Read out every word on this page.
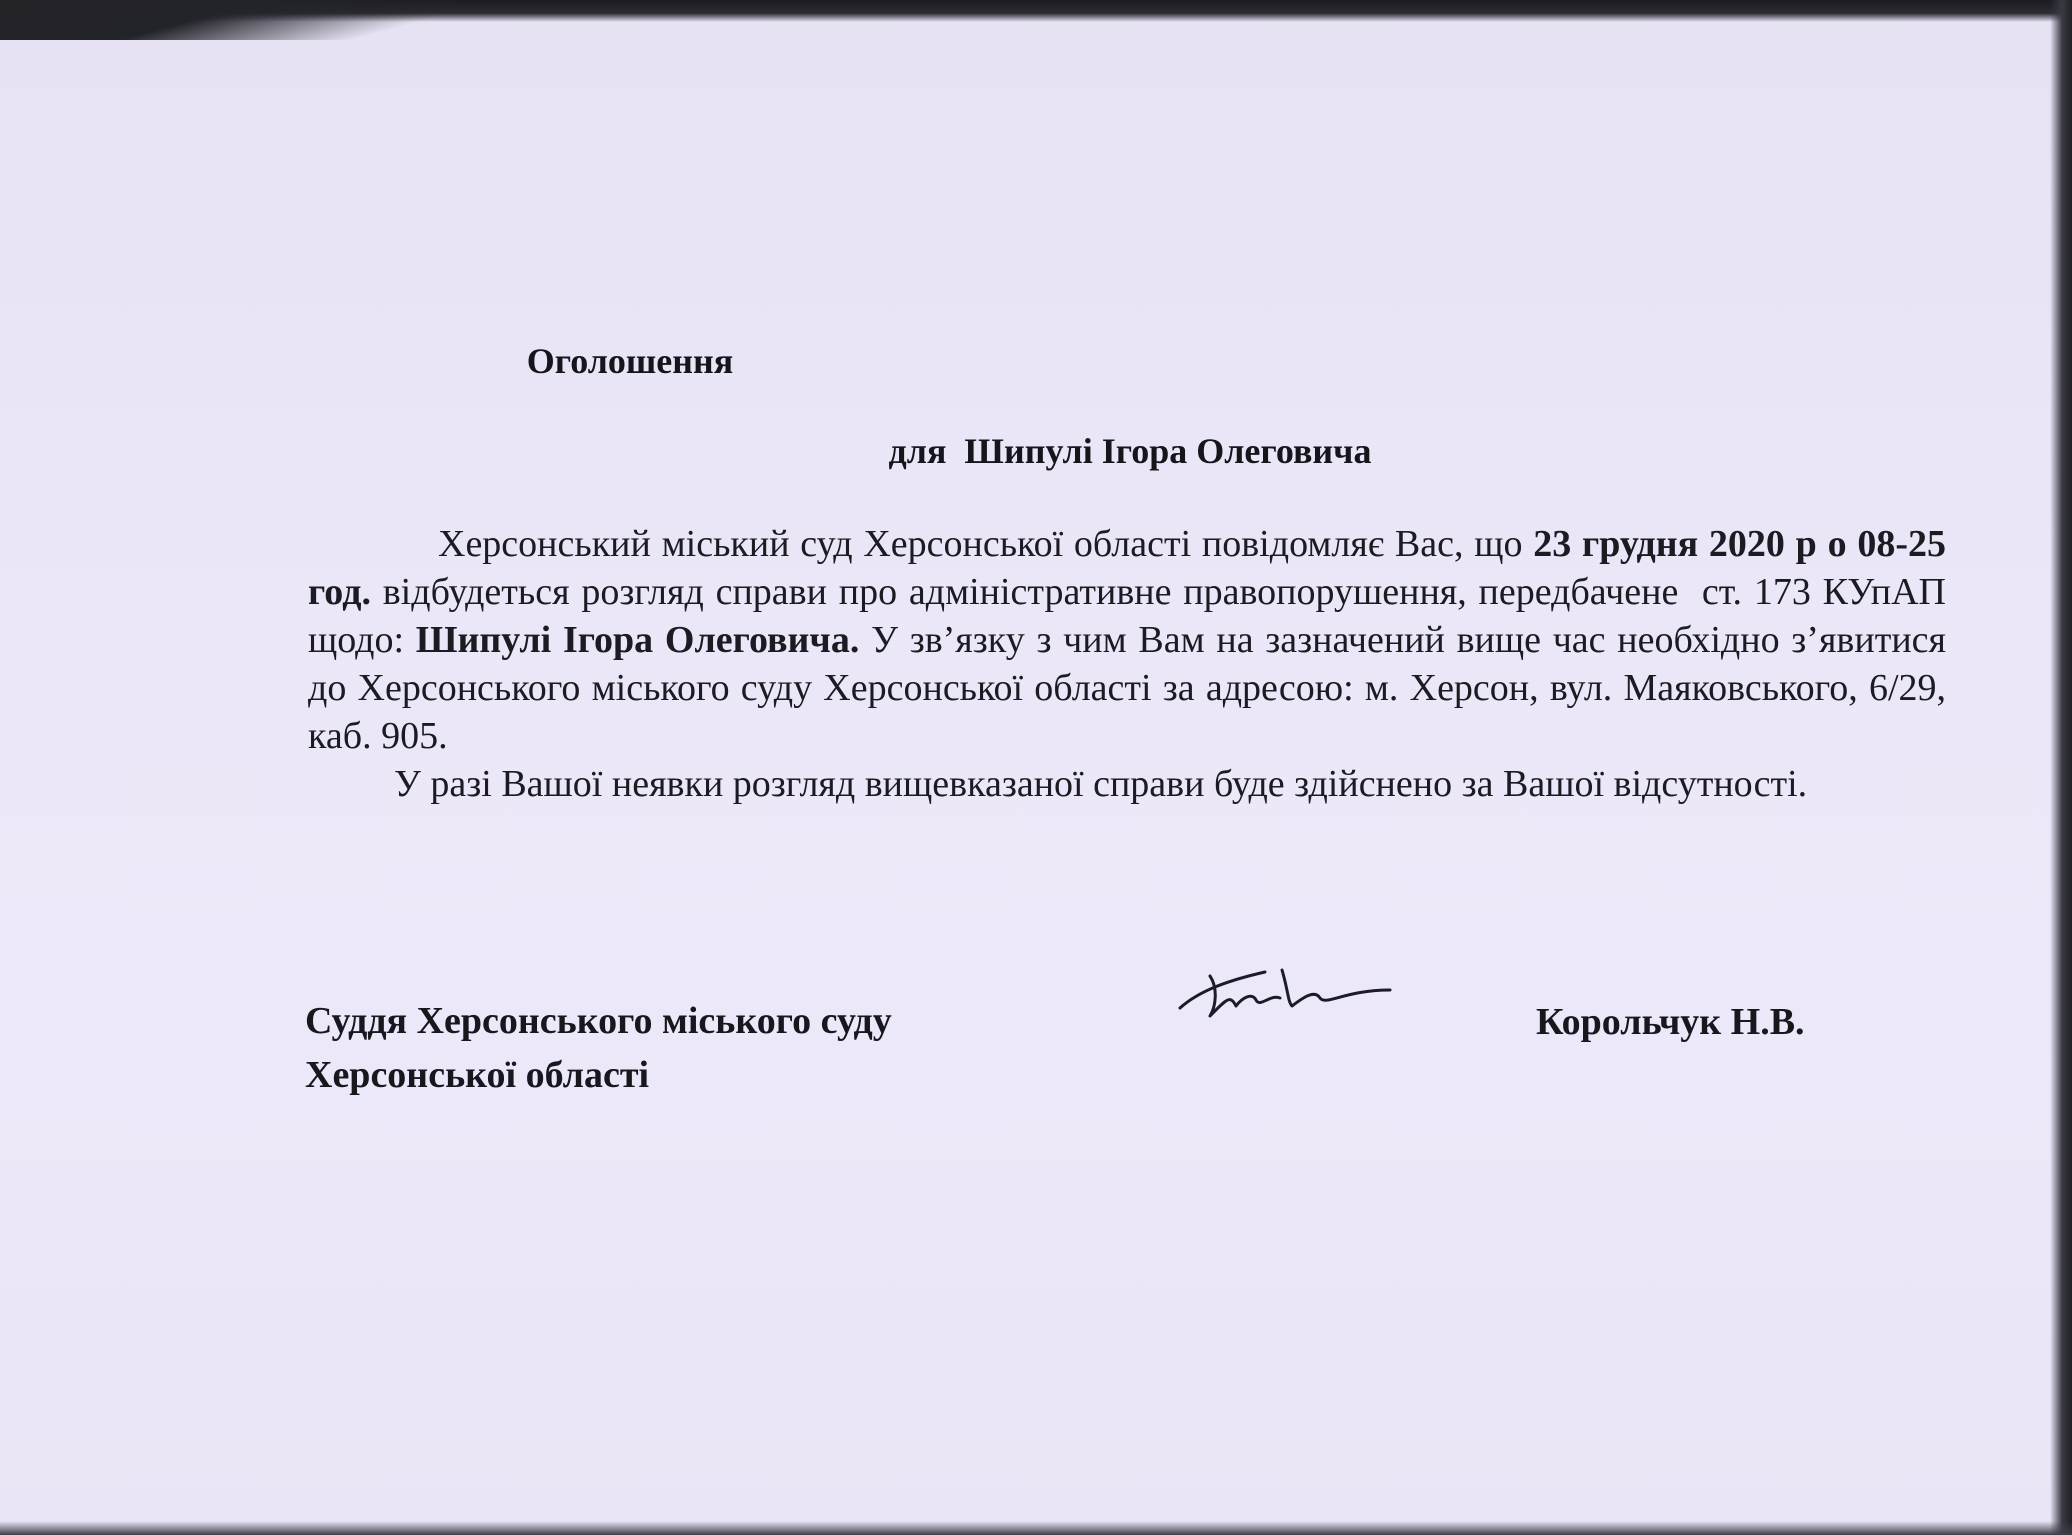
Оголошення
для  Шипулі Ігора Олеговича
Херсонський міський суд Херсонської області повідомляє Вас, що 23 грудня 2020 р о 08-25 год. відбудеться розгляд справи про адміністративне правопорушення, передбачене  ст. 173 КУпАП щодо: Шипулі Ігора Олеговича. У зв’язку з чим Вам на зазначений вище час необхідно з’явитися до Херсонського міського суду Херсонської області за адресою: м. Херсон, вул. Маяковського, 6/29, каб. 905.
У разі Вашої неявки розгляд вищевказаної справи буде здійснено за Вашої відсутності.
Суддя Херсонського міського суду
Херсонської області
Корольчук Н.В.
